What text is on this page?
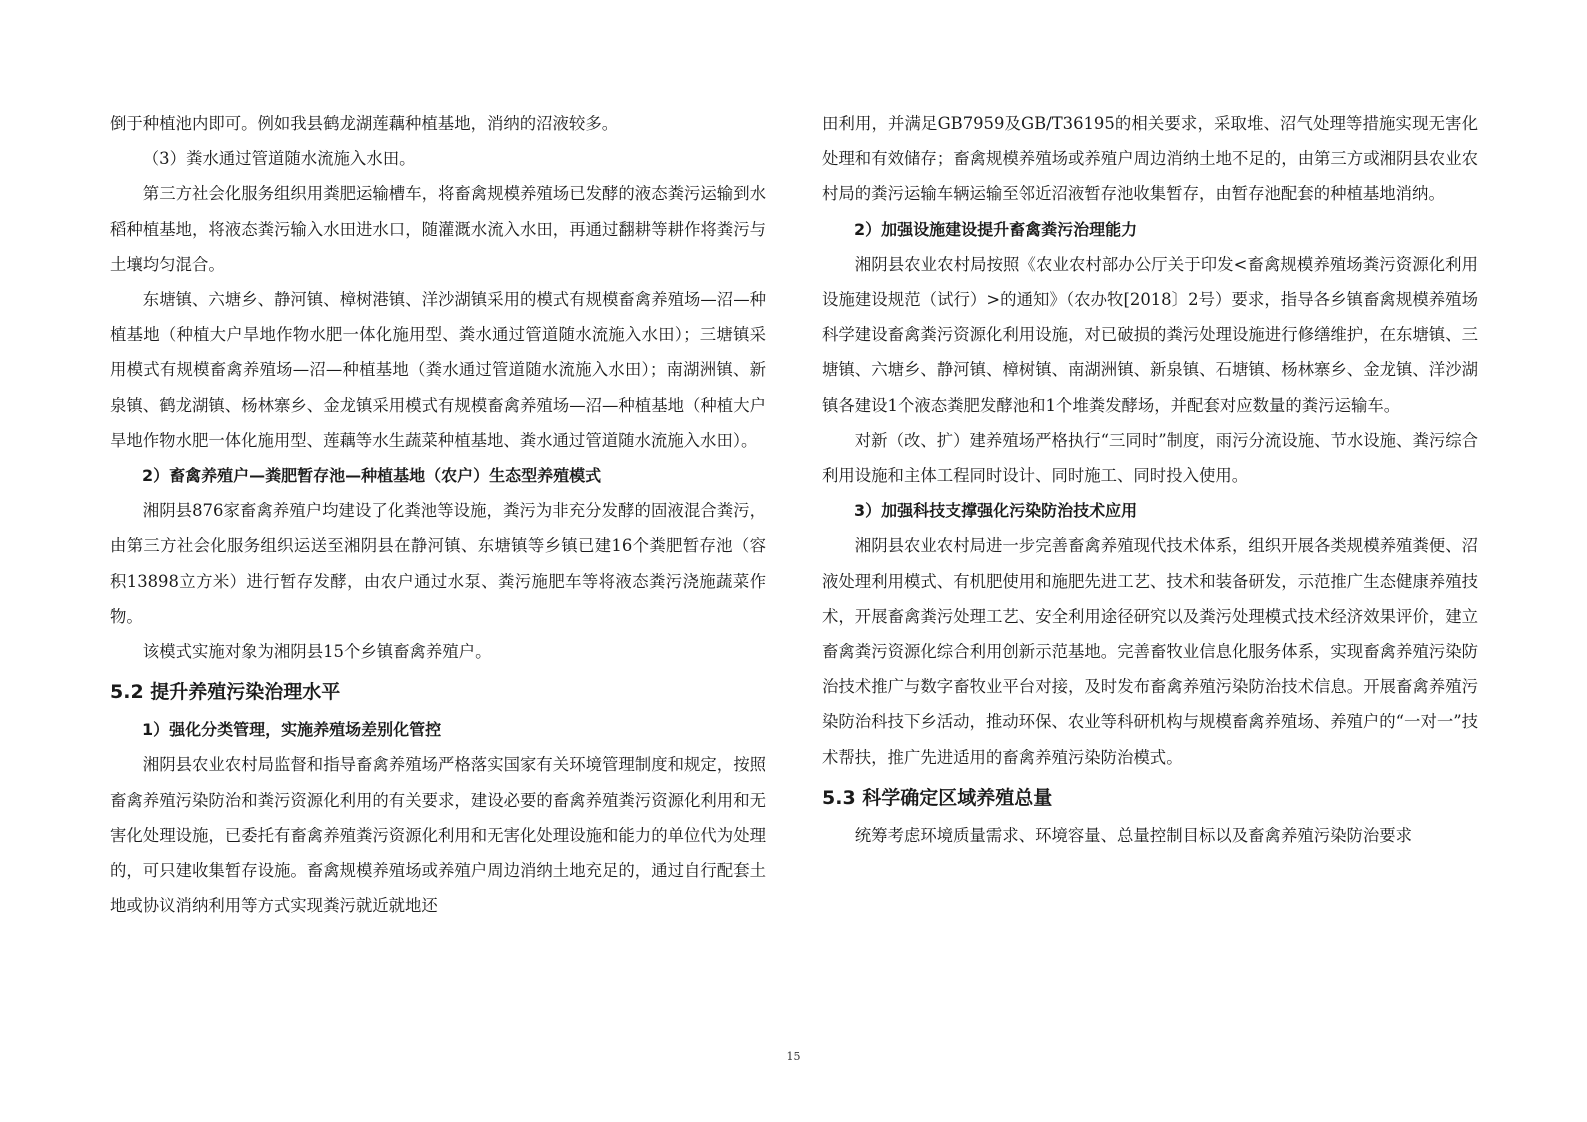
倒于种植池内即可。例如我县鹤龙湖莲藕种植基地，消纳的沼液较多。

（3）粪水通过管道随水流施入水田。

第三方社会化服务组织用粪肥运输槽车，将畜禽规模养殖场已发酵的液态粪污运输到水稻种植基地，将液态粪污输入水田进水口，随灌溉水流入水田，再通过翻耕等耕作将粪污与土壤均匀混合。

东塘镇、六塘乡、静河镇、樟树港镇、洋沙湖镇采用的模式有规模畜禽养殖场—沼—种植基地（种植大户旱地作物水肥一体化施用型、粪水通过管道随水流施入水田）；三塘镇采用模式有规模畜禽养殖场—沼—种植基地（粪水通过管道随水流施入水田）；南湖洲镇、新泉镇、鹤龙湖镇、杨林寨乡、金龙镇采用模式有规模畜禽养殖场—沼—种植基地（种植大户旱地作物水肥一体化施用型、莲藕等水生蔬菜种植基地、粪水通过管道随水流施入水田）。

2）畜禽养殖户—粪肥暂存池—种植基地（农户）生态型养殖模式

湘阴县876家畜禽养殖户均建设了化粪池等设施，粪污为非充分发酵的固液混合粪污，由第三方社会化服务组织运送至湘阴县在静河镇、东塘镇等乡镇已建16个粪肥暂存池（容积13898立方米）进行暂存发酵，由农户通过水泵、粪污施肥车等将液态粪污浇施蔬菜作物。

该模式实施对象为湘阴县15个乡镇畜禽养殖户。

5.2 提升养殖污染治理水平

1）强化分类管理，实施养殖场差别化管控

湘阴县农业农村局监督和指导畜禽养殖场严格落实国家有关环境管理制度和规定，按照畜禽养殖污染防治和粪污资源化利用的有关要求，建设必要的畜禽养殖粪污资源化利用和无害化处理设施，已委托有畜禽养殖粪污资源化利用和无害化处理设施和能力的单位代为处理的，可只建收集暂存设施。畜禽规模养殖场或养殖户周边消纳土地充足的，通过自行配套土地或协议消纳利用等方式实现粪污就近就地还

田利用，并满足GB7959及GB/T36195的相关要求，采取堆、沼气处理等措施实现无害化处理和有效储存；畜禽规模养殖场或养殖户周边消纳土地不足的，由第三方或湘阴县农业农村局的粪污运输车辆运输至邻近沼液暂存池收集暂存，由暂存池配套的种植基地消纳。

2）加强设施建设提升畜禽粪污治理能力

湘阴县农业农村局按照《农业农村部办公厅关于印发<畜禽规模养殖场粪污资源化利用设施建设规范（试行）>的通知》（农办牧[2018〕2号）要求，指导各乡镇畜禽规模养殖场科学建设畜禽粪污资源化利用设施，对已破损的粪污处理设施进行修缮维护，在东塘镇、三塘镇、六塘乡、静河镇、樟树镇、南湖洲镇、新泉镇、石塘镇、杨林寨乡、金龙镇、洋沙湖镇各建设1个液态粪肥发酵池和1个堆粪发酵场，并配套对应数量的粪污运输车。

对新（改、扩）建养殖场严格执行“三同时”制度，雨污分流设施、节水设施、粪污综合利用设施和主体工程同时设计、同时施工、同时投入使用。

3）加强科技支撑强化污染防治技术应用

湘阴县农业农村局进一步完善畜禽养殖现代技术体系，组织开展各类规模养殖粪便、沼液处理利用模式、有机肥使用和施肥先进工艺、技术和装备研发，示范推广生态健康养殖技术，开展畜禽粪污处理工艺、安全利用途径研究以及粪污处理模式技术经济效果评价，建立畜禽粪污资源化综合利用创新示范基地。完善畜牧业信息化服务体系，实现畜禽养殖污染防治技术推广与数字畜牧业平台对接，及时发布畜禽养殖污染防治技术信息。开展畜禽养殖污染防治科技下乡活动，推动环保、农业等科研机构与规模畜禽养殖场、养殖户的“一对一”技术帮扶，推广先进适用的畜禽养殖污染防治模式。

5.3 科学确定区域养殖总量

统筹考虑环境质量需求、环境容量、总量控制目标以及畜禽养殖污染防治要求

15
